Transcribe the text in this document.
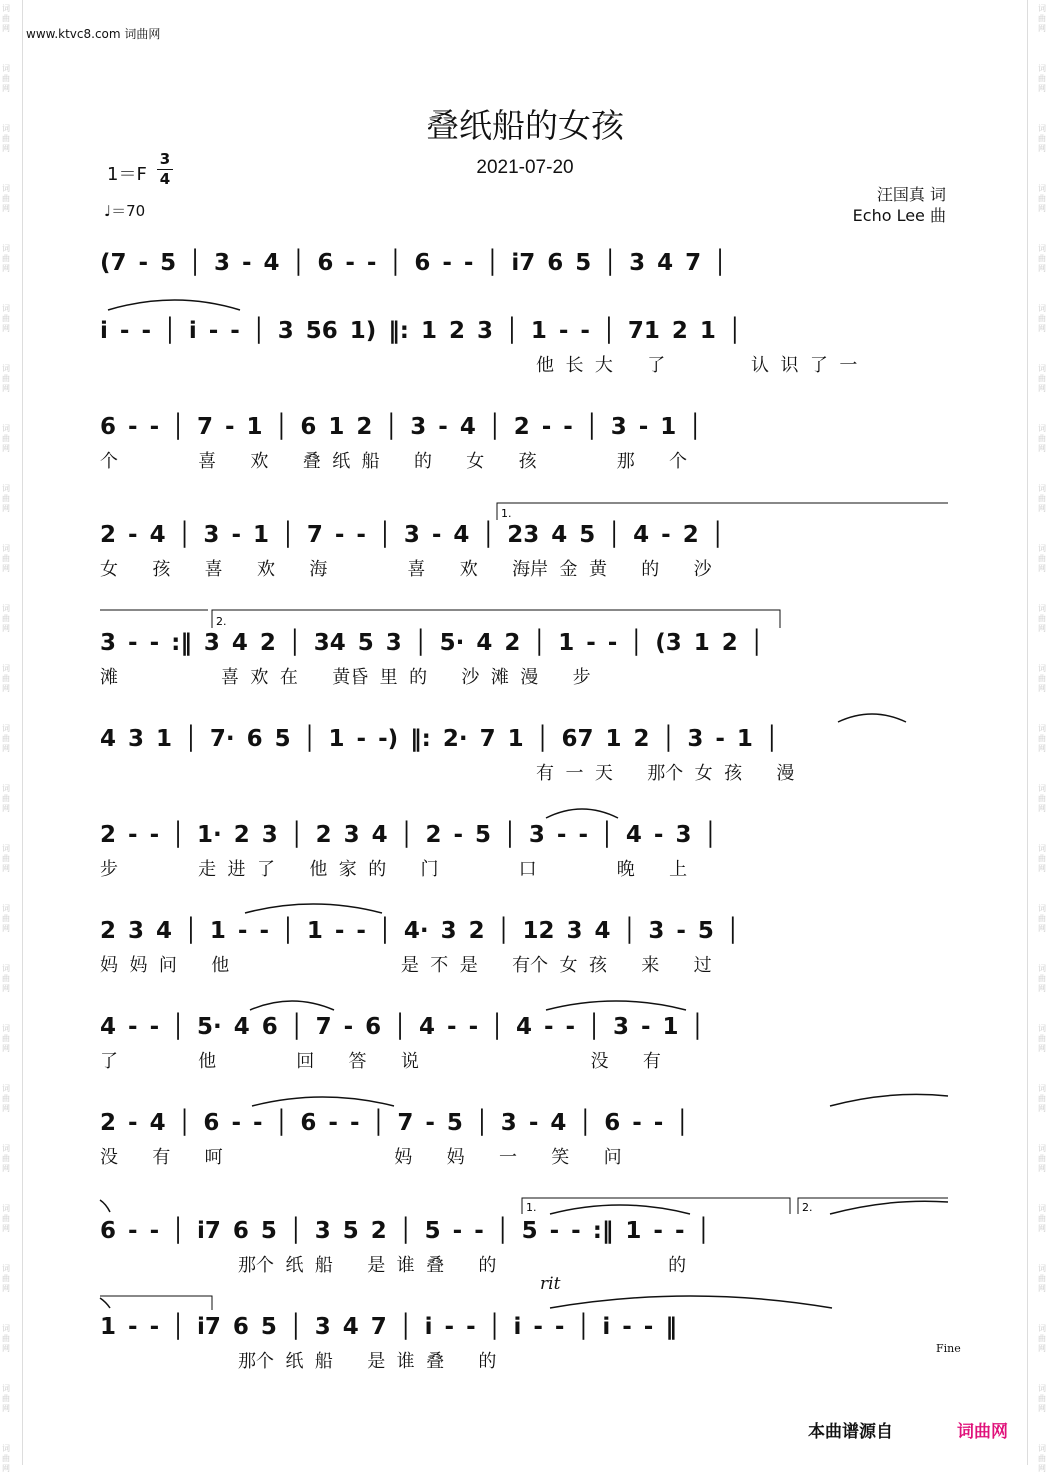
词
曲
网
词
曲
网
词
曲
网
词
曲
网
词
曲
网
词
曲
网
词
曲
网
词
曲
网
词
曲
网
词
曲
网
词
曲
网
词
曲
网
词
曲
网
词
曲
网
词
曲
网
词
曲
网
词
曲
网
词
曲
网
词
曲
网
词
曲
网
词
曲
网
词
曲
网
词
曲
网
词
曲
网
词
曲
网
词
曲
网
词
曲
网
词
曲
网
词
曲
网
词
曲
网
词
曲
网
词
曲
网
词
曲
网
词
曲
网
词
曲
网
词
曲
网
词
曲
网
词
曲
网
词
曲
网
词
曲
网
词
曲
网
词
曲
网
词
曲
网
词
曲
网
词
曲
网
词
曲
网
词
曲
网
词
曲
网
词
曲
网
词
曲
网
www.ktvc8.com 词曲网
叠纸船的女孩
2021-07-20
1＝F
3
4
♩＝70
汪国真 词
Echo Lee 曲
(7 - 5 │ 3 - 4 │ 6 - - │ 6 - - │ i7 6 5 │ 3 4 7 │
i - - │ i - - │ 3 56 1) ‖: 1 2 3 │ 1 - - │ 71 2 1 │
他  长  大      了               认  识  了  一
6 - - │ 7 - 1 │ 6 1 2 │ 3 - 4 │ 2 - - │ 3 - 1 │
个              喜      欢      叠  纸  船      的      女      孩              那      个
2 - 4 │ 3 - 1 │ 7 - - │ 3 - 4 │ 23 4 5 │ 4 - 2 │
女      孩      喜      欢      海              喜      欢      海岸  金  黄      的      沙
3 - - :‖ 3 4 2 │ 34 5 3 │ 5· 4 2 │ 1 - - │ (3 1 2 │
滩                  喜  欢  在      黄昏  里  的      沙  滩  漫      步
4 3 1 │ 7· 6 5 │ 1 - -) ‖: 2· 7 1 │ 67 1 2 │ 3 - 1 │
有  一  天      那个  女  孩      漫
2 - - │ 1· 2 3 │ 2 3 4 │ 2 - 5 │ 3 - - │ 4 - 3 │
步              走  进  了      他  家  的      门              口              晚      上
2 3 4 │ 1 - - │ 1 - - │ 4· 3 2 │ 12 3 4 │ 3 - 5 │
妈  妈  问      他                              是  不  是      有个  女  孩      来      过
4 - - │ 5· 4 6 │ 7 - 6 │ 4 - - │ 4 - - │ 3 - 1 │
了              他              回      答      说                              没      有
2 - 4 │ 6 - - │ 6 - - │ 7 - 5 │ 3 - 4 │ 6 - - │
没      有      呵                              妈      妈      一      笑      问
6 - - │ i7 6 5 │ 3 5 2 │ 5 - - │ 5 - - :‖ 1 - - │
那个  纸  船      是  谁  叠      的                              的
1 - - │ i7 6 5 │ 3 4 7 │ i - - │ i - - │ i - - ‖
那个  纸  船      是  谁  叠      的
rit
Fine
1.
2.
1.	2.
本曲谱源自	词曲网
